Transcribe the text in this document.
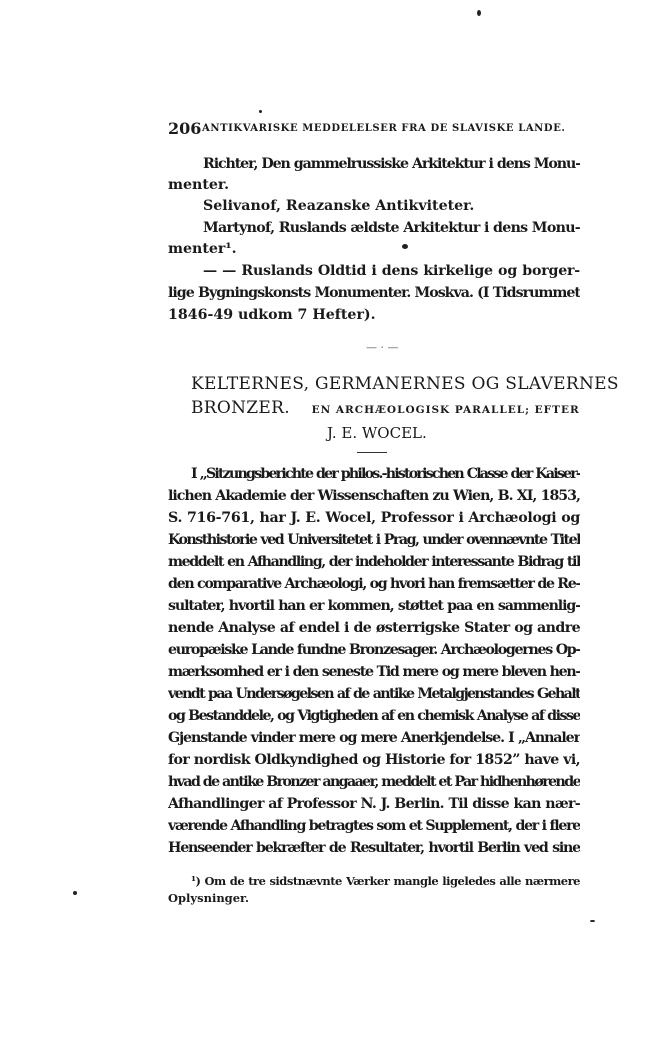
206 ANTIKVARISKE MEDDELELSER FRA DE SLAVISKE LANDE.
Richter, Den gammelrussiske Arkitektur i dens Monu-
menter.
Selivanof, Reazanske Antikviteter.
Martynof, Ruslands ældste Arkitektur i dens Monu-
menter¹.
— — Ruslands Oldtid i dens kirkelige og borger-
lige Bygningskonsts Monumenter. Moskva. (I Tidsrummet
1846-49 udkom 7 Hefter).
— · —
KELTERNES, GERMANERNES OG SLAVERNES
BRONZER. EN ARCHÆOLOGISK PARALLEL; EFTER
J. E. WOCEL.
I „Sitzungsberichte der philos.-historischen Classe der Kaiser-
lichen Akademie der Wissenschaften zu Wien, B. XI, 1853,
S. 716-761, har J. E. Wocel, Professor i Archæologi og
Konsthistorie ved Universitetet i Prag, under ovennævnte Titel
meddelt en Afhandling, der indeholder interessante Bidrag til
den comparative Archæologi, og hvori han fremsætter de Re-
sultater, hvortil han er kommen, støttet paa en sammenlig-
nende Analyse af endel i de østerrigske Stater og andre
europæiske Lande fundne Bronzesager. Archæologernes Op-
mærksomhed er i den seneste Tid mere og mere bleven hen-
vendt paa Undersøgelsen af de antike Metalgjenstandes Gehalt
og Bestanddele, og Vigtigheden af en chemisk Analyse af disse
Gjenstande vinder mere og mere Anerkjendelse. I „Annaler
for nordisk Oldkyndighed og Historie for 1852” have vi,
hvad de antike Bronzer angaaer, meddelt et Par hidhenhørende
Afhandlinger af Professor N. J. Berlin. Til disse kan nær-
værende Afhandling betragtes som et Supplement, der i flere
Henseender bekræfter de Resultater, hvortil Berlin ved sine
¹) Om de tre sidstnævnte Værker mangle ligeledes alle nærmere
Oplysninger.
